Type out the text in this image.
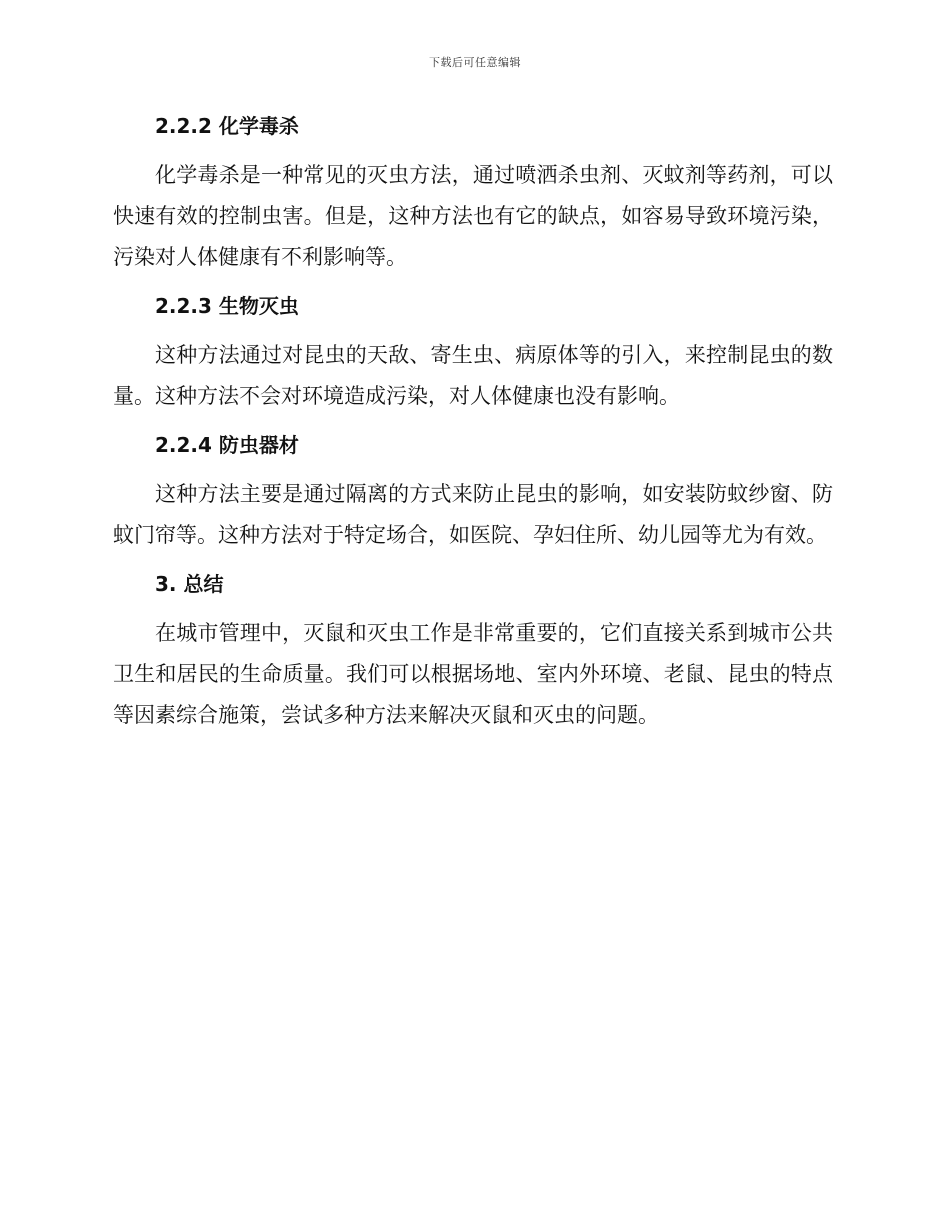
下载后可任意编辑
2.2.2 化学毒杀

化学毒杀是一种常见的灭虫方法，通过喷洒杀虫剂、灭蚊剂等药剂，可以快速有效的控制虫害。但是，这种方法也有它的缺点，如容易导致环境污染，污染对人体健康有不利影响等。

2.2.3 生物灭虫

这种方法通过对昆虫的天敌、寄生虫、病原体等的引入，来控制昆虫的数量。这种方法不会对环境造成污染，对人体健康也没有影响。

2.2.4 防虫器材

这种方法主要是通过隔离的方式来防止昆虫的影响，如安装防蚊纱窗、防蚊门帘等。这种方法对于特定场合，如医院、孕妇住所、幼儿园等尤为有效。

3. 总结

在城市管理中，灭鼠和灭虫工作是非常重要的，它们直接关系到城市公共卫生和居民的生命质量。我们可以根据场地、室内外环境、老鼠、昆虫的特点等因素综合施策，尝试多种方法来解决灭鼠和灭虫的问题。
